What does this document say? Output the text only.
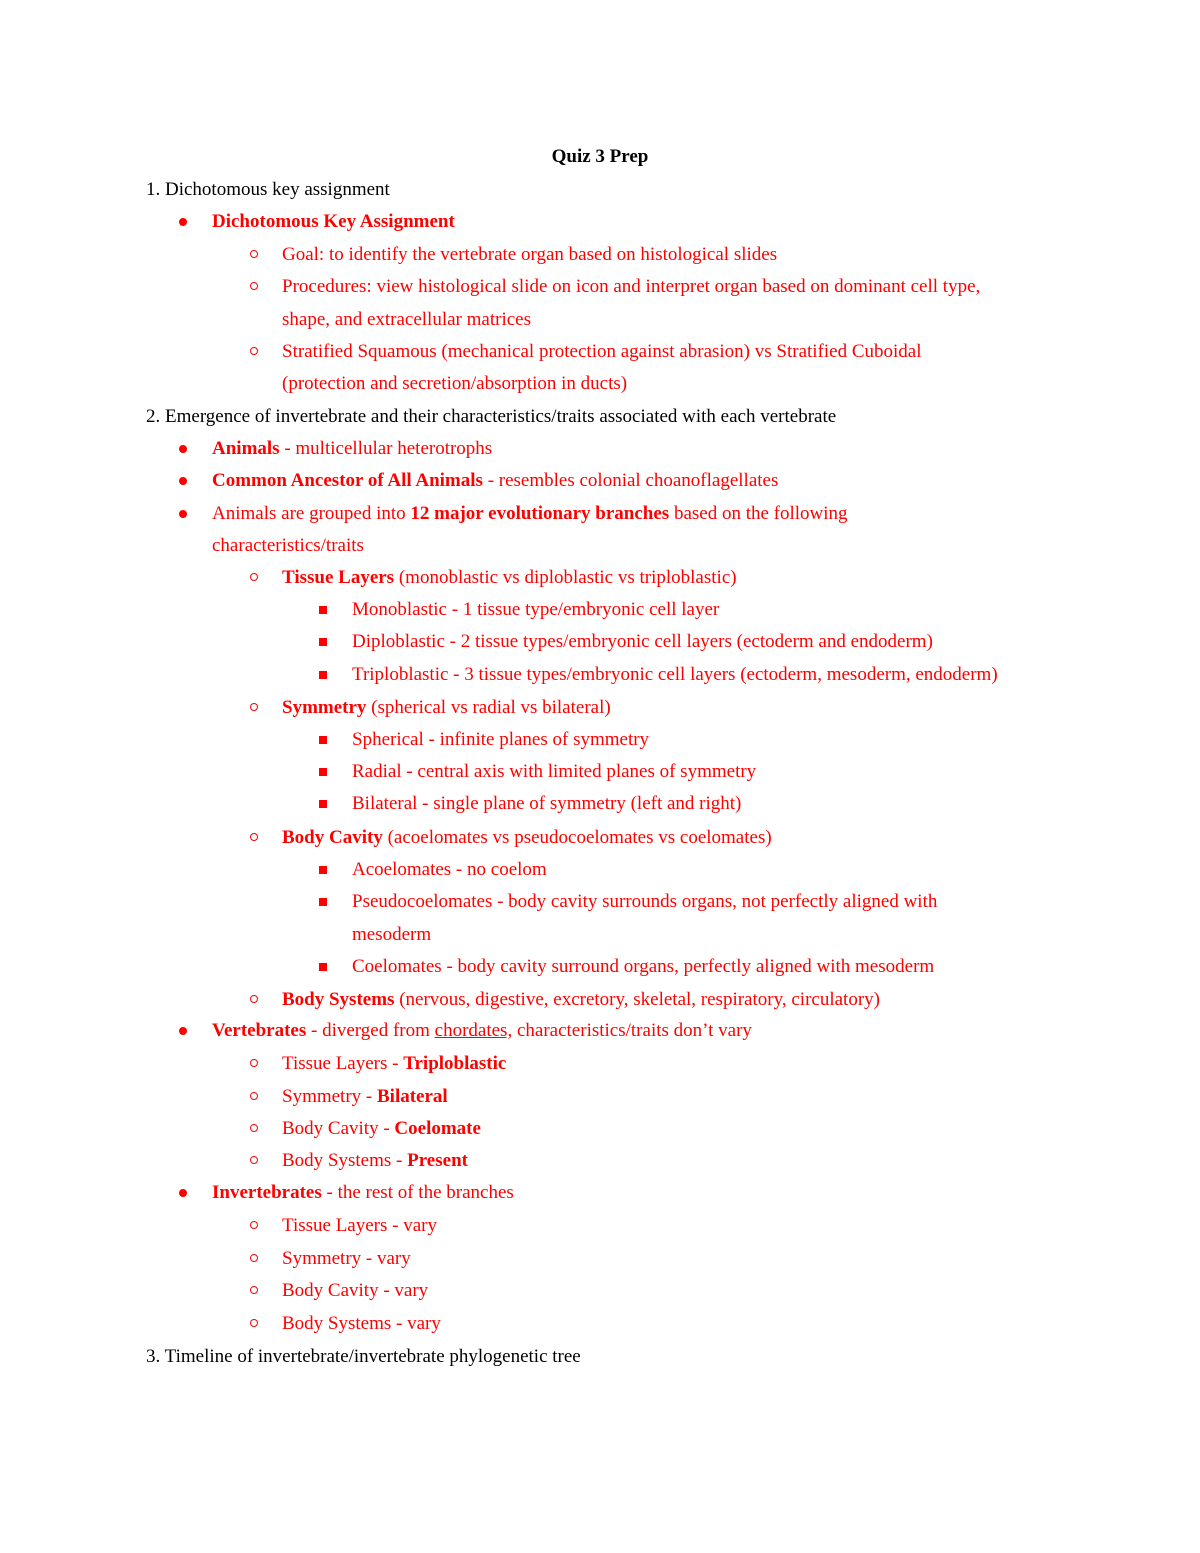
Quiz 3 Prep
1. Dichotomous key assignment
Dichotomous Key Assignment
Goal: to identify the vertebrate organ based on histological slides
Procedures: view histological slide on icon and interpret organ based on dominant cell type,
shape, and extracellular matrices
Stratified Squamous (mechanical protection against abrasion) vs Stratified Cuboidal
(protection and secretion/absorption in ducts)
2. Emergence of invertebrate and their characteristics/traits associated with each vertebrate
Animals - multicellular heterotrophs
Common Ancestor of All Animals - resembles colonial choanoflagellates
Animals are grouped into 12 major evolutionary branches based on the following
characteristics/traits
Tissue Layers (monoblastic vs diploblastic vs triploblastic)
Monoblastic - 1 tissue type/embryonic cell layer
Diploblastic - 2 tissue types/embryonic cell layers (ectoderm and endoderm)
Triploblastic - 3 tissue types/embryonic cell layers (ectoderm, mesoderm, endoderm)
Symmetry (spherical vs radial vs bilateral)
Spherical - infinite planes of symmetry
Radial - central axis with limited planes of symmetry
Bilateral - single plane of symmetry (left and right)
Body Cavity (acoelomates vs pseudocoelomates vs coelomates)
Acoelomates - no coelom
Pseudocoelomates - body cavity surrounds organs, not perfectly aligned with
mesoderm
Coelomates - body cavity surround organs, perfectly aligned with mesoderm
Body Systems (nervous, digestive, excretory, skeletal, respiratory, circulatory)
Vertebrates - diverged from chordates, characteristics/traits don’t vary
Tissue Layers - Triploblastic
Symmetry - Bilateral
Body Cavity - Coelomate
Body Systems - Present
Invertebrates - the rest of the branches
Tissue Layers - vary
Symmetry - vary
Body Cavity - vary
Body Systems - vary
3. Timeline of invertebrate/invertebrate phylogenetic tree
